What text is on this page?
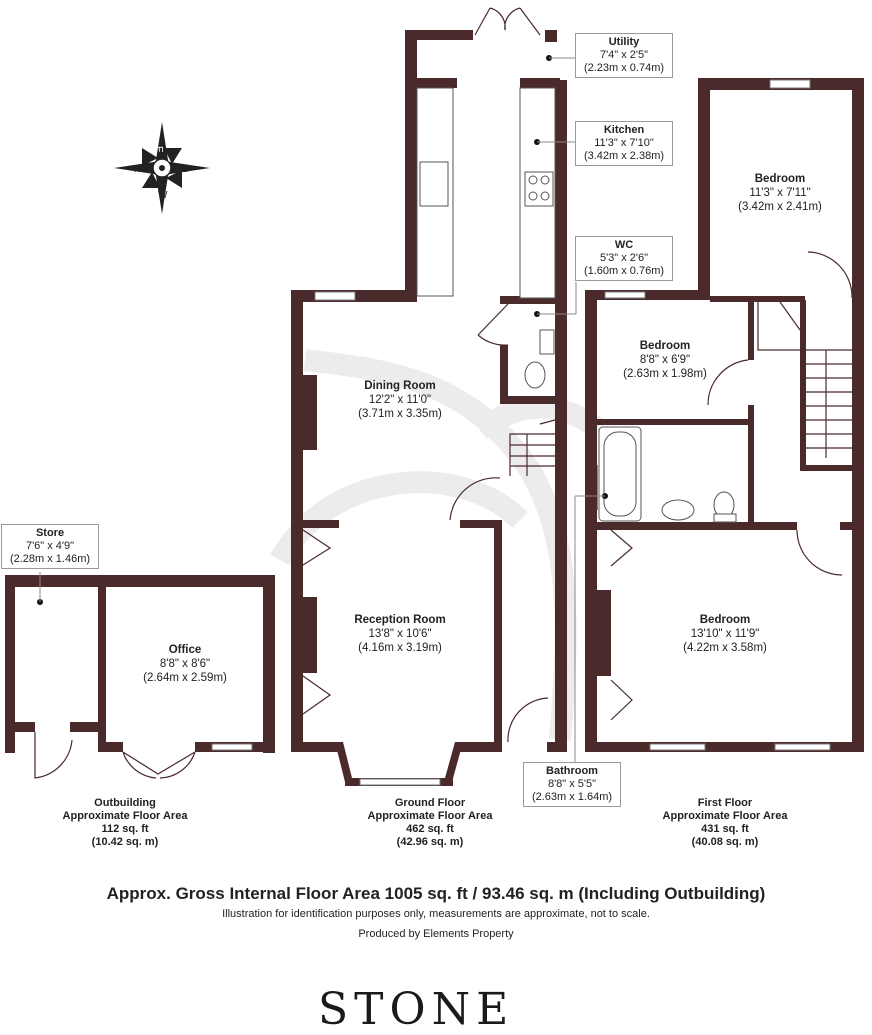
E
N	S
W
Utility
7'4" x 2'5"
(2.23m x 0.74m)
Kitchen
11'3" x 7'10"
(3.42m x 2.38m)
WC
5'3" x 2'6"
(1.60m x 0.76m)
Store
7'6" x 4'9"
(2.28m x 1.46m)
Bathroom
8'8" x 5'5"
(2.63m x 1.64m)
Dining Room
12'2" x 11'0"
(3.71m x 3.35m)
Reception Room
13'8" x 10'6"
(4.16m x 3.19m)
Office
8'8" x 8'6"
(2.64m x 2.59m)
Bedroom
11'3" x 7'11"
(3.42m x 2.41m)
Bedroom
8'8" x 6'9"
(2.63m x 1.98m)
Bedroom
13'10" x 11'9"
(4.22m x 3.58m)
Outbuilding
Approximate Floor Area
112 sq. ft
(10.42 sq. m)
Ground Floor
Approximate Floor Area
462 sq. ft
(42.96 sq. m)
First Floor
Approximate Floor Area
431 sq. ft
(40.08 sq. m)
Approx. Gross Internal Floor Area 1005 sq. ft / 93.46 sq. m (Including Outbuilding)
Illustration for identification purposes only, measurements are approximate, not to scale.
Produced by Elements Property
STONE
